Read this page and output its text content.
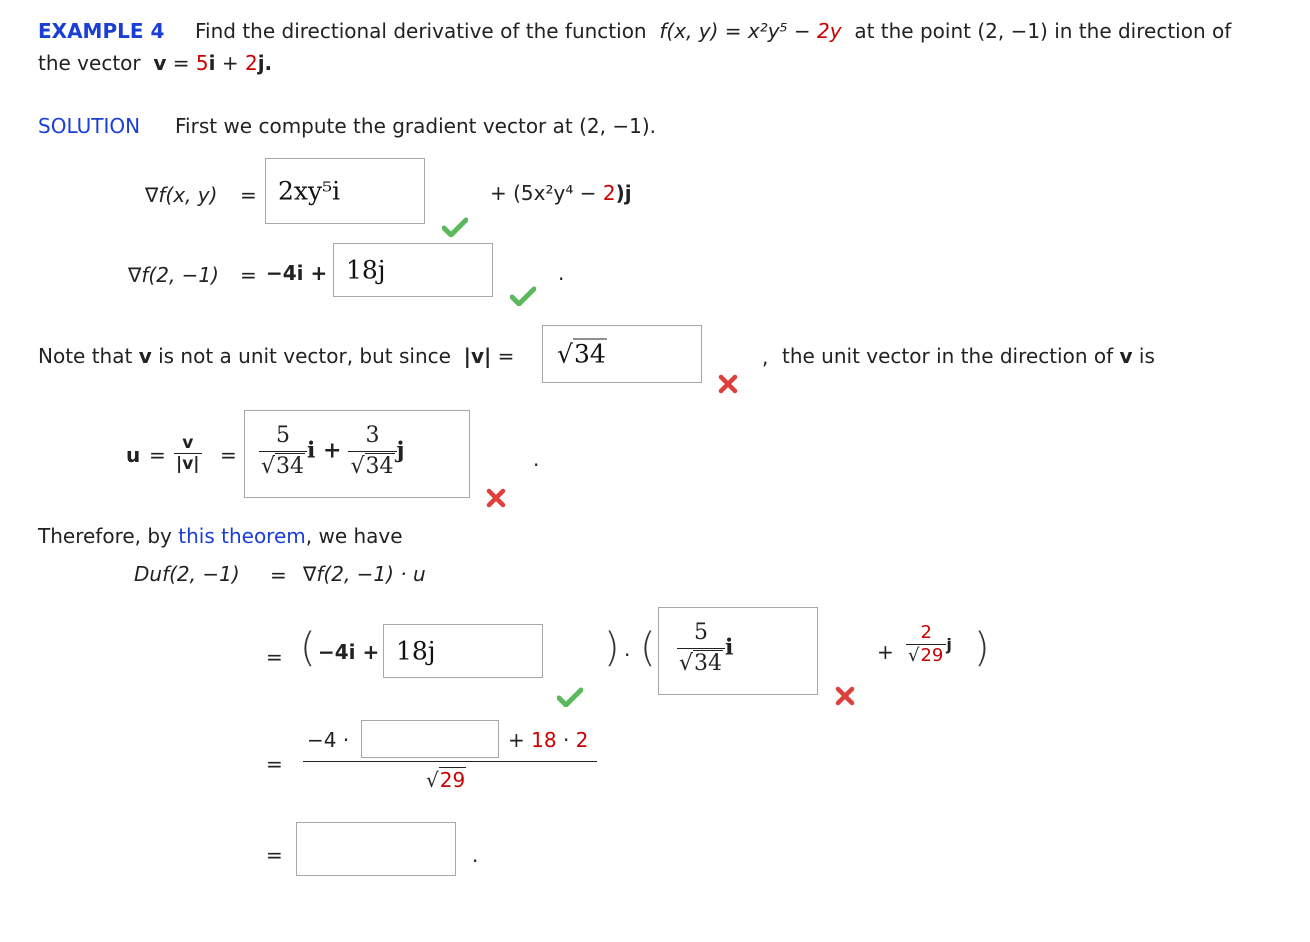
EXAMPLE 4 Find the directional derivative of the function f(x, y) = x²y⁵ − 2y at the point (2, −1) in the direction of
the vector v = 5i + 2j.
SOLUTION First we compute the gradient vector at (2, −1).
∇f(x, y) = 2xy⁵i	+ (5x²y⁴ − 2)j
∇f(2, −1) = −4i + 18j	.
Note that v is not a unit vector, but since |v| = √34	, the unit vector in the direction of v is
$u = \frac{v}{|v|} = \frac{5}{√34}$ $i + \frac{3}{√34}$ j	.
Therefore, by this theorem, we have
Duf(2, −1) = ∇f(2, −1) · u
= ( −4i + 18j	) · ( $\frac{5}{√34}$ i	+ $\frac{2}{√29}$ j )
=
−4 ·	+ 18 · 2
√29
=	.
